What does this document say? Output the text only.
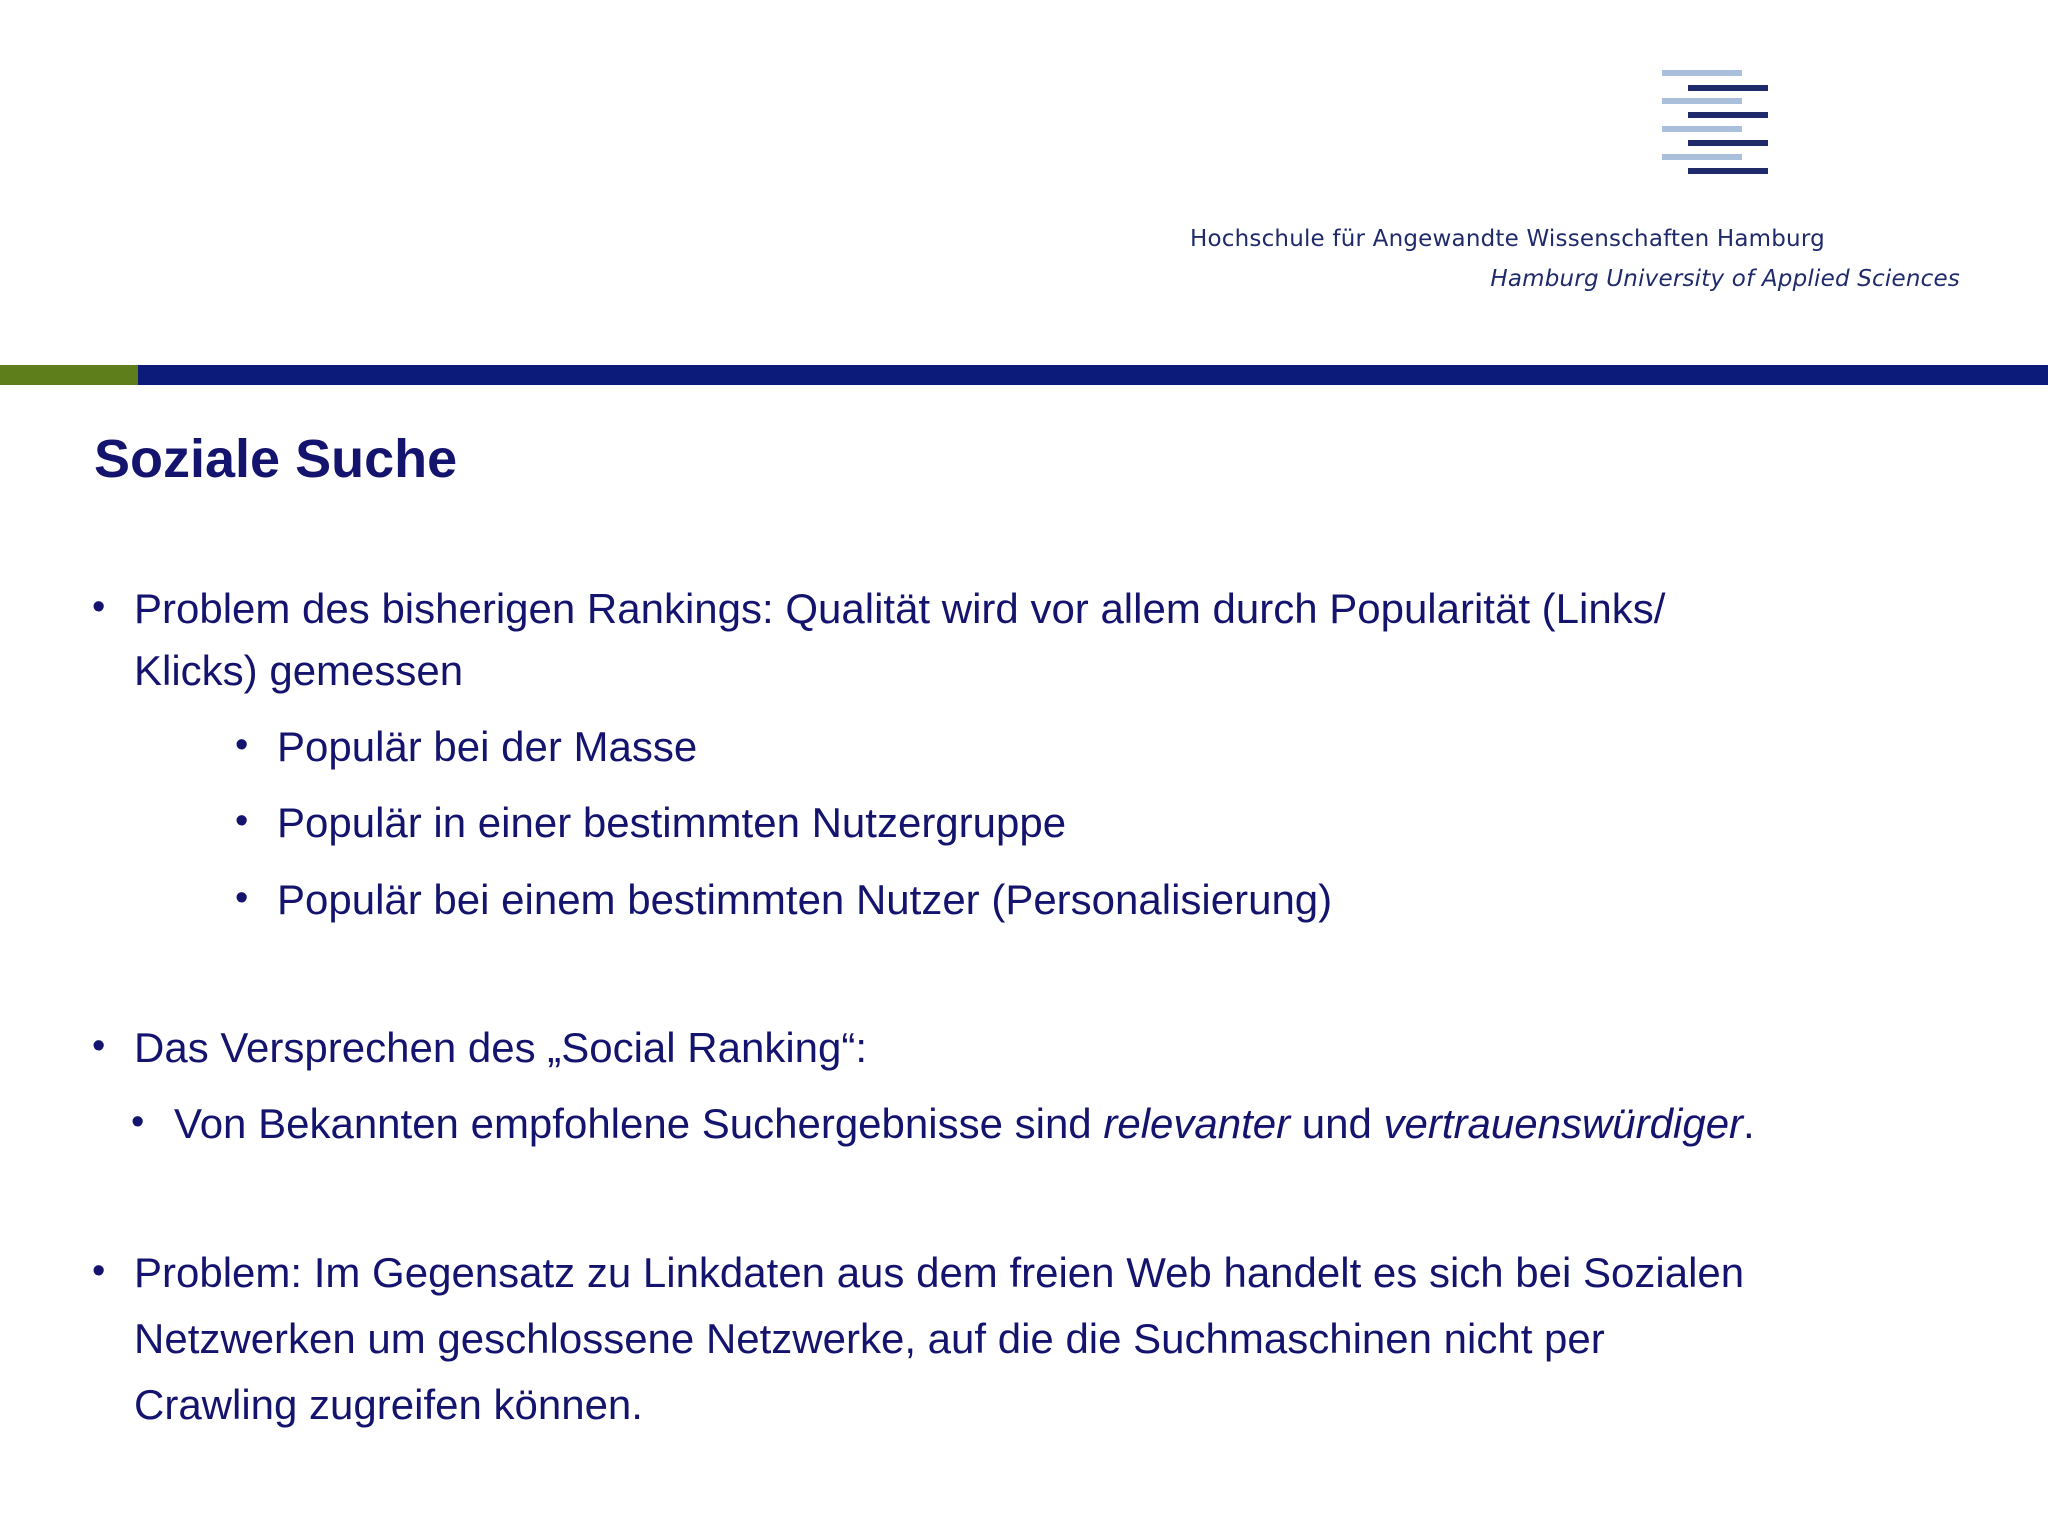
Hochschule für Angewandte Wissenschaften Hamburg
Hamburg University of Applied Sciences
Soziale Suche
• Problem des bisherigen Rankings: Qualität wird vor allem durch Popularität (Links/
Klicks) gemessen
• Populär bei der Masse
• Populär in einer bestimmten Nutzergruppe
• Populär bei einem bestimmten Nutzer (Personalisierung)
• Das Versprechen des „Social Ranking“:
• Von Bekannten empfohlene Suchergebnisse sind relevanter und vertrauenswürdiger.
• Problem: Im Gegensatz zu Linkdaten aus dem freien Web handelt es sich bei Sozialen
Netzwerken um geschlossene Netzwerke, auf die die Suchmaschinen nicht per
Crawling zugreifen können.
